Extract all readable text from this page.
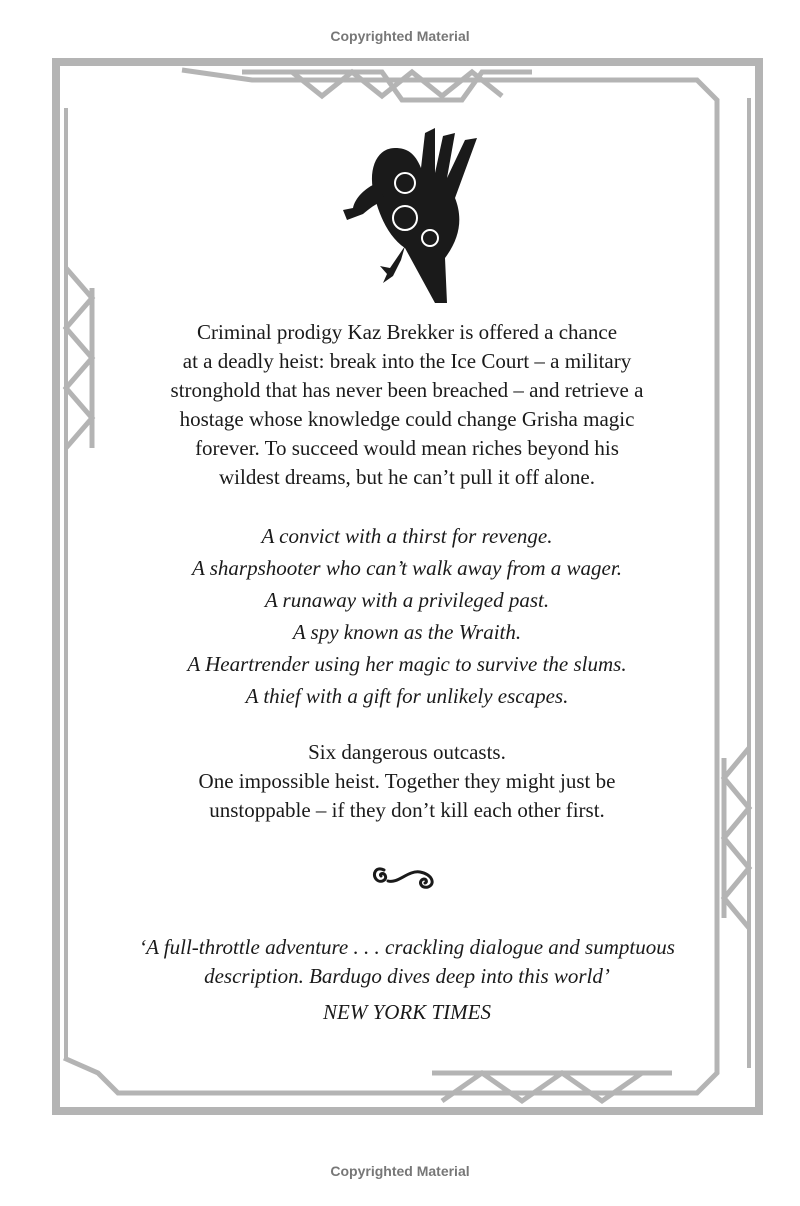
Copyrighted Material
Criminal prodigy Kaz Brekker is offered a chance
at a deadly heist: break into the Ice Court – a military
stronghold that has never been breached – and retrieve a
hostage whose knowledge could change Grisha magic
forever. To succeed would mean riches beyond his
wildest dreams, but he can’t pull it off alone.
A convict with a thirst for revenge.
A sharpshooter who can’t walk away from a wager.
A runaway with a privileged past.
A spy known as the Wraith.
A Heartrender using her magic to survive the slums.
A thief with a gift for unlikely escapes.
Six dangerous outcasts.
One impossible heist. Together they might just be
unstoppable – if they don’t kill each other first.
‘A full-throttle adventure . . . crackling dialogue and sumptuous
description. Bardugo dives deep into this world’
NEW YORK TIMES
Copyrighted Material
